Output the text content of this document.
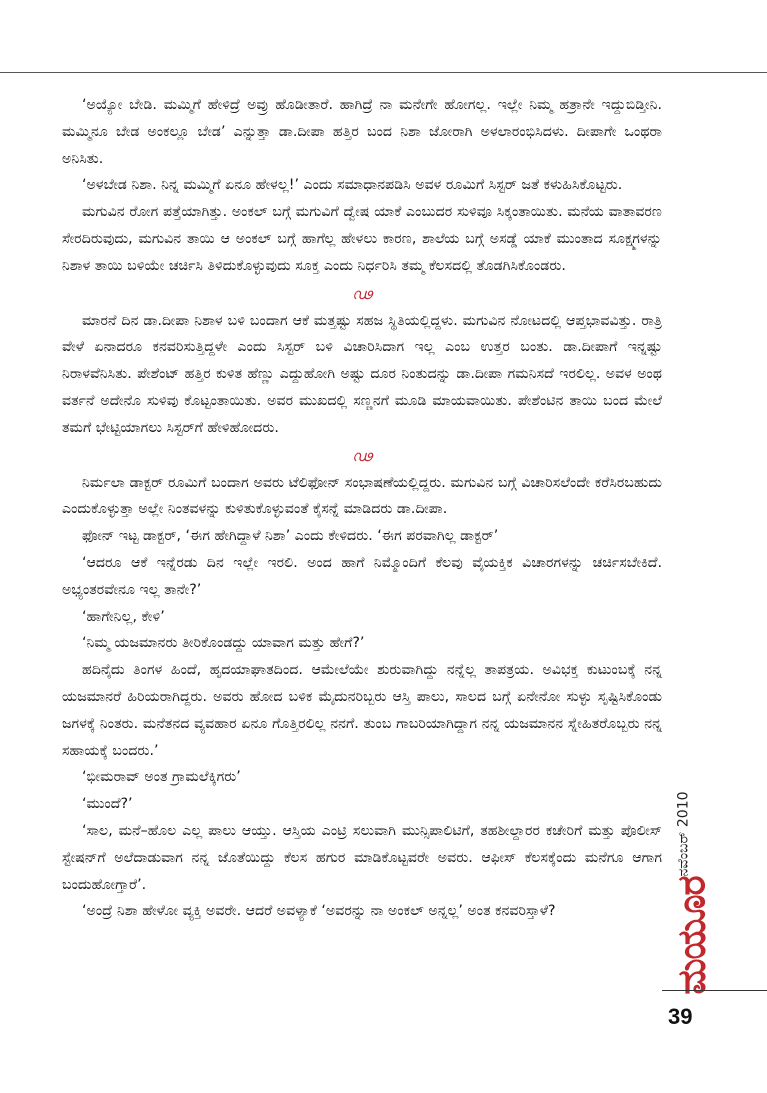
‘ಅಯ್ಯೋ ಬೇಡಿ. ಮಮ್ಮಿಗೆ ಹೇಳಿದ್ರೆ ಅವ್ರು ಹೊಡೀತಾರೆ. ಹಾಗಿದ್ರೆ ನಾ ಮನೇಗೇ ಹೋಗಲ್ಲ. ಇಲ್ಲೇ ನಿಮ್ಮ ಹತ್ರಾನೇ ಇದ್ದುಬಿಡ್ತೀನಿ. ಮಮ್ಮಿನೂ ಬೇಡ ಅಂಕಲ್ಲೂ ಬೇಡ’ ಎನ್ನುತ್ತಾ ಡಾ.ದೀಪಾ ಹತ್ತಿರ ಬಂದ ನಿಶಾ ಜೋರಾಗಿ ಅಳಲಾರಂಭಿಸಿದಳು. ದೀಪಾಗೇ ಒಂಥರಾ ಅನಿಸಿತು.

‘ಅಳಬೇಡ ನಿಶಾ. ನಿನ್ನ ಮಮ್ಮಿಗೆ ಏನೂ ಹೇಳಲ್ಲ!’ ಎಂದು ಸಮಾಧಾನಪಡಿಸಿ ಅವಳ ರೂಮಿಗೆ ಸಿಸ್ಟರ್ ಜತೆ ಕಳುಹಿಸಿಕೊಟ್ಟರು.

ಮಗುವಿನ ರೋಗ ಪತ್ತೆಯಾಗಿತ್ತು. ಅಂಕಲ್ ಬಗ್ಗೆ ಮಗುವಿಗೆ ದ್ವೇಷ ಯಾಕೆ ಎಂಬುದರ ಸುಳಿವೂ ಸಿಕ್ಕಂತಾಯಿತು. ಮನೆಯ ವಾತಾವರಣ ಸೇರದಿರುವುದು, ಮಗುವಿನ ತಾಯಿ ಆ ಅಂಕಲ್ ಬಗ್ಗೆ ಹಾಗೆಲ್ಲ ಹೇಳಲು ಕಾರಣ, ಶಾಲೆಯ ಬಗ್ಗೆ ಅಸಡ್ಡೆ ಯಾಕೆ ಮುಂತಾದ ಸೂಕ್ಷ್ಮಗಳನ್ನು ನಿಶಾಳ ತಾಯಿ ಬಳಿಯೇ ಚರ್ಚಿಸಿ ತಿಳಿದುಕೊಳ್ಳುವುದು ಸೂಕ್ತ ಎಂದು ನಿರ್ಧರಿಸಿ ತಮ್ಮ ಕೆಲಸದಲ್ಲಿ ತೊಡಗಿಸಿಕೊಂಡರು.

ഢ

ಮಾರನೆ ದಿನ ಡಾ.ದೀಪಾ ನಿಶಾಳ ಬಳಿ ಬಂದಾಗ ಆಕೆ ಮತ್ತಷ್ಟು ಸಹಜ ಸ್ಥಿತಿಯಲ್ಲಿದ್ದಳು. ಮಗುವಿನ ನೋಟದಲ್ಲಿ ಆಪ್ತಭಾವವಿತ್ತು. ರಾತ್ರಿ ವೇಳೆ ಏನಾದರೂ ಕನವರಿಸುತ್ತಿದ್ದಳೇ ಎಂದು ಸಿಸ್ಟರ್ ಬಳಿ ವಿಚಾರಿಸಿದಾಗ ಇಲ್ಲ ಎಂಬ ಉತ್ತರ ಬಂತು. ಡಾ.ದೀಪಾಗೆ ಇನ್ನಷ್ಟು ನಿರಾಳವೆನಿಸಿತು. ಪೇಶೆಂಟ್ ಹತ್ತಿರ ಕುಳಿತ ಹೆಣ್ಣು ಎದ್ದುಹೋಗಿ ಅಷ್ಟು ದೂರ ನಿಂತುದನ್ನು ಡಾ.ದೀಪಾ ಗಮನಿಸದೆ ಇರಲಿಲ್ಲ. ಅವಳ ಅಂಥ ವರ್ತನೆ ಅದೇನೊ ಸುಳಿವು ಕೊಟ್ಟಂತಾಯಿತು. ಅವರ ಮುಖದಲ್ಲಿ ಸಣ್ಣನಗೆ ಮೂಡಿ ಮಾಯವಾಯಿತು. ಪೇಶೆಂಟಿನ ತಾಯಿ ಬಂದ ಮೇಲೆ ತಮಗೆ ಭೇಟ್ಟಿಯಾಗಲು ಸಿಸ್ಟರ್‌ಗೆ ಹೇಳಿಹೋದರು.

ഢ

ನಿರ್ಮಲಾ ಡಾಕ್ಟರ್ ರೂಮಿಗೆ ಬಂದಾಗ ಅವರು ಟೆಲಿಫೋನ್ ಸಂಭಾಷಣೆಯಲ್ಲಿದ್ದರು. ಮಗುವಿನ ಬಗ್ಗೆ ವಿಚಾರಿಸಲೆಂದೇ ಕರೆಸಿರಬಹುದು ಎಂದುಕೊಳ್ಳುತ್ತಾ ಅಲ್ಲೇ ನಿಂತವಳನ್ನು ಕುಳಿತುಕೊಳ್ಳುವಂತೆ ಕೈಸನ್ನೆ ಮಾಡಿದರು ಡಾ.ದೀಪಾ.

ಫೋನ್ ಇಟ್ಟ ಡಾಕ್ಟರ್, ‘ಈಗ ಹೇಗಿದ್ದಾಳೆ ನಿಶಾ’ ಎಂದು ಕೇಳಿದರು. ‘ಈಗ ಪರವಾಗಿಲ್ಲ ಡಾಕ್ಟರ್’

‘ಆದರೂ ಆಕೆ ಇನ್ನೆರಡು ದಿನ ಇಲ್ಲೇ ಇರಲಿ. ಅಂದ ಹಾಗೆ ನಿಮ್ಮೊಂದಿಗೆ ಕೆಲವು ವೈಯಕ್ತಿಕ ವಿಚಾರಗಳನ್ನು ಚರ್ಚಿಸಬೇಕಿದೆ. ಅಭ್ಯಂತರವೇನೂ ಇಲ್ಲ ತಾನೇ?’

‘ಹಾಗೇನಿಲ್ಲ, ಕೇಳಿ’

‘ನಿಮ್ಮ ಯಜಮಾನರು ತೀರಿಕೊಂಡದ್ದು ಯಾವಾಗ ಮತ್ತು ಹೇಗೆ?’

ಹದಿನೈದು ತಿಂಗಳ ಹಿಂದೆ, ಹೃದಯಾಘಾತದಿಂದ. ಆಮೇಲೆಯೇ ಶುರುವಾಗಿದ್ದು ನನ್ನೆಲ್ಲ ತಾಪತ್ರಯ. ಅವಿಭಕ್ತ ಕುಟುಂಬಕ್ಕೆ ನನ್ನ ಯಜಮಾನರೆ ಹಿರಿಯರಾಗಿದ್ದರು. ಅವರು ಹೋದ ಬಳಿಕ ಮೈದುನರಿಬ್ಬರು ಆಸ್ತಿ ಪಾಲು, ಸಾಲದ ಬಗ್ಗೆ ಏನೇನೋ ಸುಳ್ಳು ಸೃಷ್ಟಿಸಿಕೊಂಡು ಜಗಳಕ್ಕೆ ನಿಂತರು. ಮನೆತನದ ವ್ಯವಹಾರ ಏನೂ ಗೊತ್ತಿರಲಿಲ್ಲ ನನಗೆ. ತುಂಬ ಗಾಬರಿಯಾಗಿದ್ದಾಗ ನನ್ನ ಯಜಮಾನನ ಸ್ನೇಹಿತರೊಬ್ಬರು ನನ್ನ ಸಹಾಯಕ್ಕೆ ಬಂದರು.’

‘ಭೀಮರಾವ್ ಅಂತ ಗ್ರಾಮಲೆಕ್ಕಿಗರು’

‘ಮುಂದೆ?’

‘ಸಾಲ, ಮನೆ–ಹೊಲ ಎಲ್ಲ ಪಾಲು ಆಯ್ತು. ಆಸ್ತಿಯ ಎಂಟ್ರಿ ಸಲುವಾಗಿ ಮುನ್ಸಿಪಾಲಿಟಿಗೆ, ತಹಶೀಲ್ದಾರರ ಕಚೇರಿಗೆ ಮತ್ತು ಪೊಲೀಸ್ ಸ್ಟೇಷನ್‌ಗೆ ಅಲೆದಾಡುವಾಗ ನನ್ನ ಜೊತೆಯಿದ್ದು ಕೆಲಸ ಹಗುರ ಮಾಡಿಕೊಟ್ಟವರೇ ಅವರು. ಆಫೀಸ್ ಕೆಲಸಕ್ಕೆಂದು ಮನೆಗೂ ಆಗಾಗ ಬಂದುಹೋಗ್ತಾರೆ’.

‘ಅಂದ್ರೆ ನಿಶಾ ಹೇಳೋ ವ್ಯಕ್ತಿ ಅವರೇ. ಆದರೆ ಅವಳ್ಯಾಕೆ ‘ಅವರನ್ನು ನಾ ಅಂಕಲ್ ಅನ್ನಲ್ಲ’ ಅಂತ ಕನವರಿಸ್ತಾಳೆ?

ನವೆಂಬರ್ 2010
ಮಯೂರ
39
